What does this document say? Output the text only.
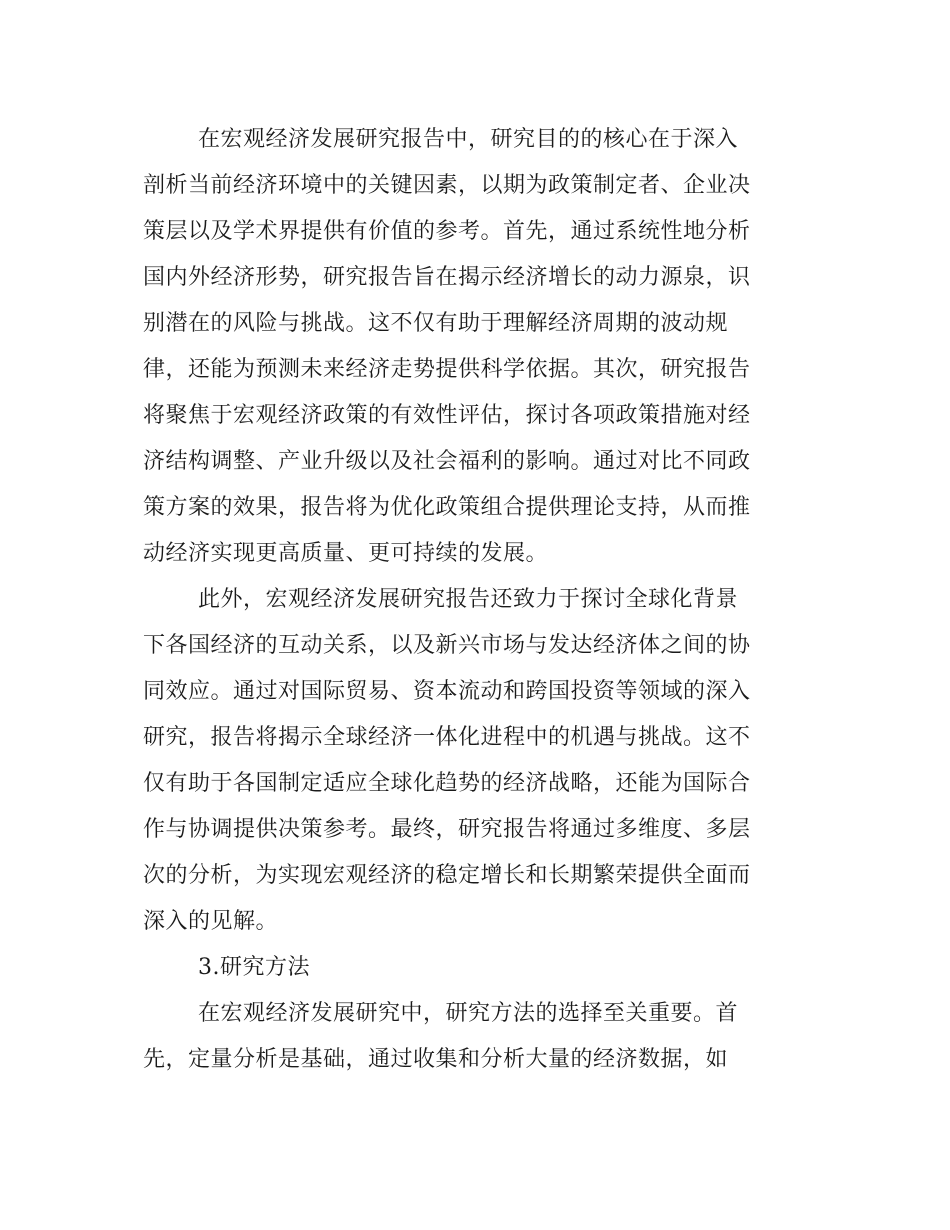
在宏观经济发展研究报告中，研究目的的核心在于深入
剖析当前经济环境中的关键因素，以期为政策制定者、企业决
策层以及学术界提供有价值的参考。首先，通过系统性地分析
国内外经济形势，研究报告旨在揭示经济增长的动力源泉，识
别潜在的风险与挑战。这不仅有助于理解经济周期的波动规
律，还能为预测未来经济走势提供科学依据。其次，研究报告
将聚焦于宏观经济政策的有效性评估，探讨各项政策措施对经
济结构调整、产业升级以及社会福利的影响。通过对比不同政
策方案的效果，报告将为优化政策组合提供理论支持，从而推
动经济实现更高质量、更可持续的发展。
此外，宏观经济发展研究报告还致力于探讨全球化背景
下各国经济的互动关系，以及新兴市场与发达经济体之间的协
同效应。通过对国际贸易、资本流动和跨国投资等领域的深入
研究，报告将揭示全球经济一体化进程中的机遇与挑战。这不
仅有助于各国制定适应全球化趋势的经济战略，还能为国际合
作与协调提供决策参考。最终，研究报告将通过多维度、多层
次的分析，为实现宏观经济的稳定增长和长期繁荣提供全面而
深入的见解。
3.研究方法
在宏观经济发展研究中，研究方法的选择至关重要。首
先，定量分析是基础，通过收集和分析大量的经济数据，如
